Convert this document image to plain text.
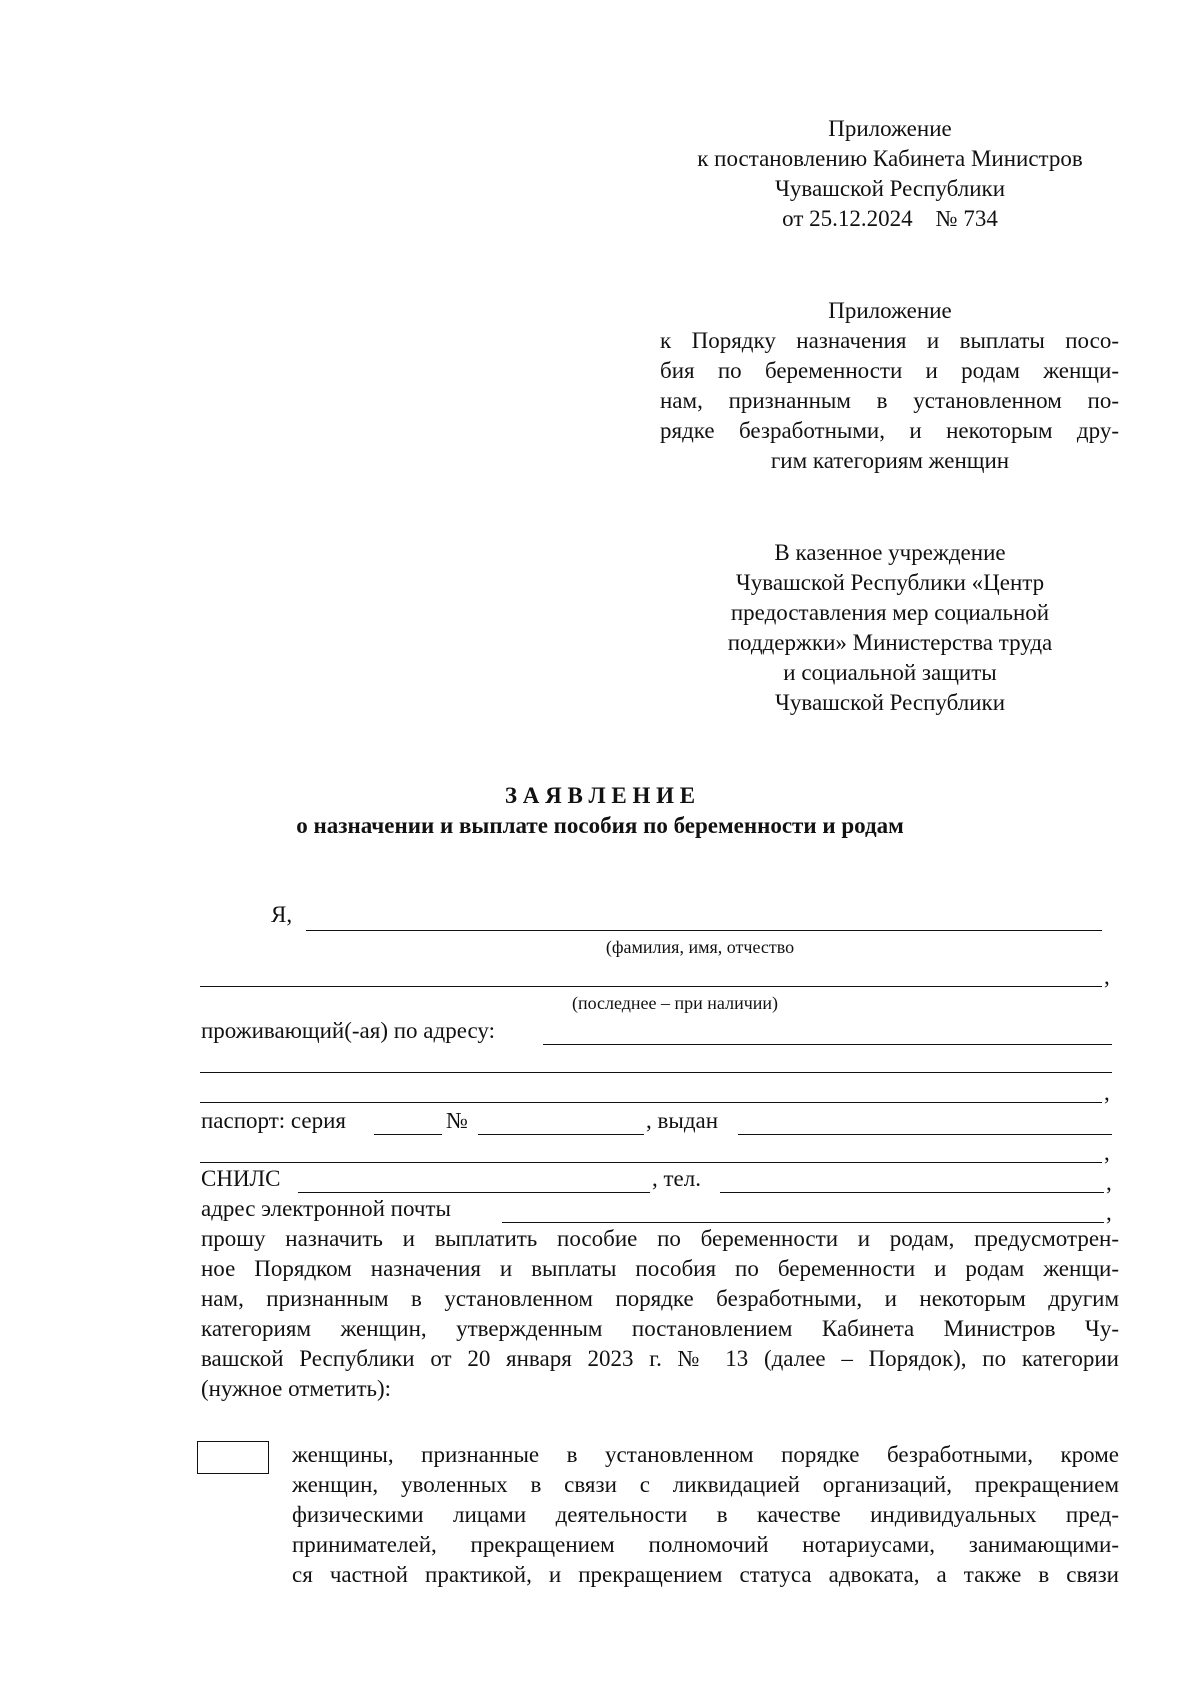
Приложение
к постановлению Кабинета Министров
Чувашской Республики
от 25.12.2024    № 734
Приложение
к Порядку назначения и выплаты посо-
бия по беременности и родам женщи-
нам, признанным в установленном по-
рядке безработными, и некоторым дру-
гим категориям женщин
В казенное учреждение
Чувашской Республики «Центр
предоставления мер социальной
поддержки» Министерства труда
и социальной защиты
Чувашской Республики
З А Я В Л Е Н И Е
о назначении и выплате пособия по беременности и родам
Я,
(фамилия, имя, отчество
,
(последнее – при наличии)
проживающий(-ая) по адресу:
,
паспорт: серия	№	, выдан
,
СНИЛС	, тел.	,
адрес электронной почты	,
прошу назначить и выплатить пособие по беременности и родам, предусмотрен-
ное Порядком назначения и выплаты пособия по беременности и родам женщи-
нам, признанным в установленном порядке безработными, и некоторым другим
категориям женщин, утвержденным постановлением Кабинета Министров Чу-
вашской Республики от 20 января 2023 г. № 13 (далее – Порядок), по категории
(нужное отметить):
женщины, признанные в установленном порядке безработными, кроме
женщин, уволенных в связи с ликвидацией организаций, прекращением
физическими лицами деятельности в качестве индивидуальных пред-
принимателей, прекращением полномочий нотариусами, занимающими-
ся частной практикой, и прекращением статуса адвоката, а также в связи
